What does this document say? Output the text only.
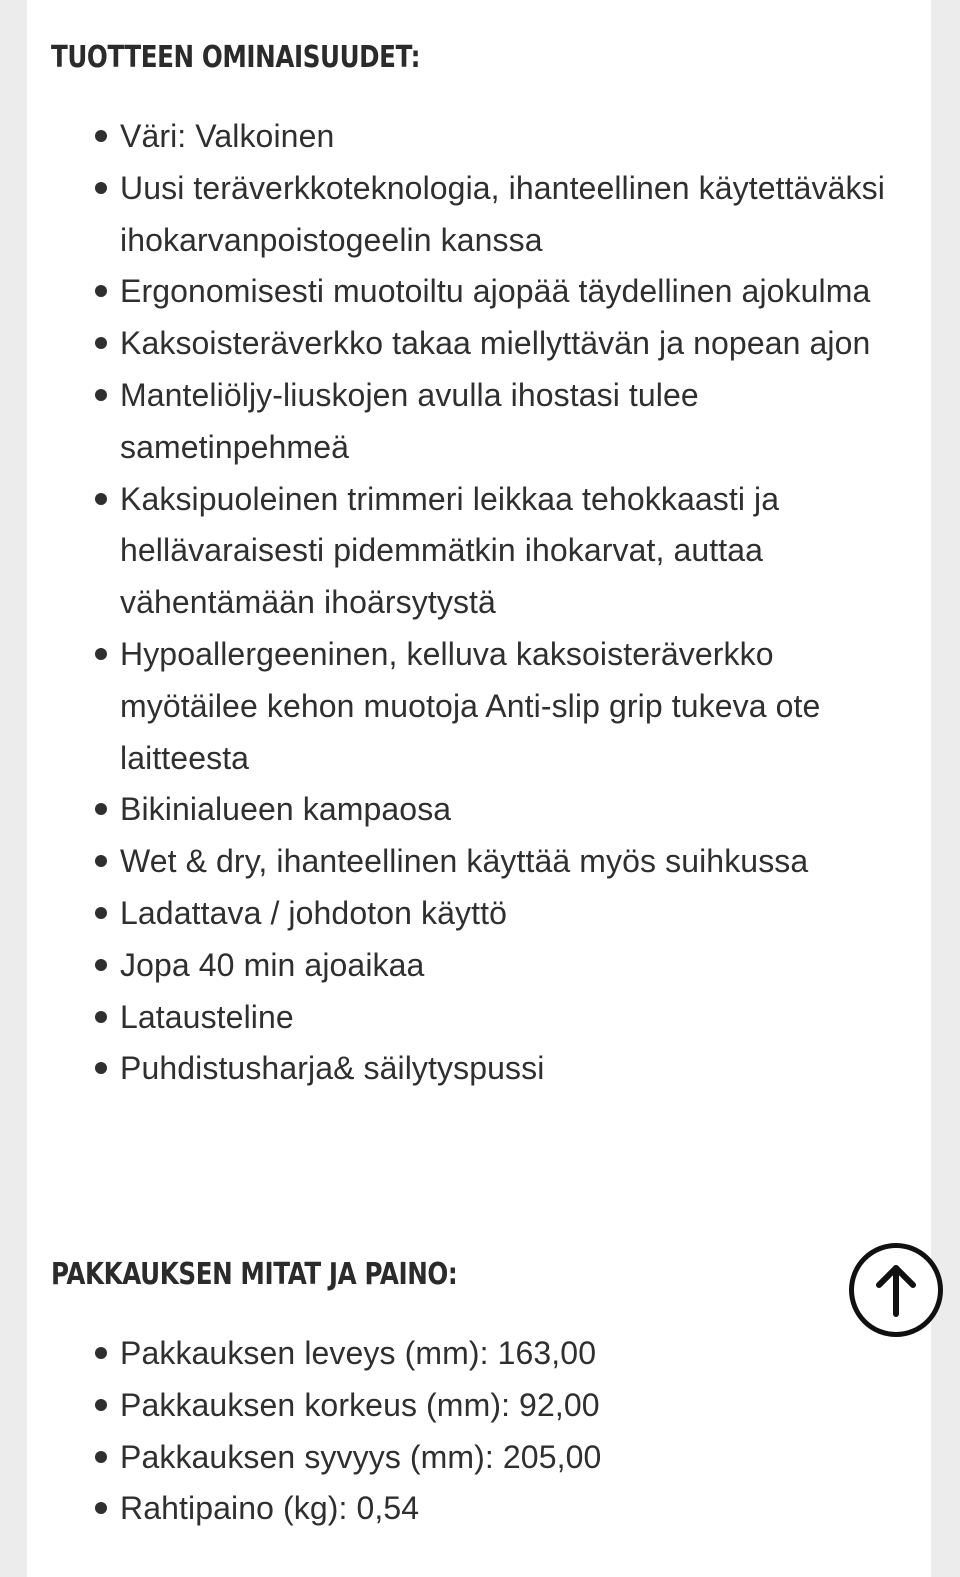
TUOTTEEN OMINAISUUDET:
Väri: Valkoinen
Uusi teräverkkoteknologia, ihanteellinen käytettäväksi ihokarvanpoistogeelin kanssa
Ergonomisesti muotoiltu ajopää täydellinen ajokulma
Kaksoisteräverkko takaa miellyttävän ja nopean ajon
Manteliöljy-liuskojen avulla ihostasi tulee sametinpehmeä
Kaksipuoleinen trimmeri leikkaa tehokkaasti ja hellävaraisesti pidemmätkin ihokarvat, auttaa vähentämään ihoärsytystä
Hypoallergeeninen, kelluva kaksoisteräverkko myötäilee kehon muotoja Anti-slip grip tukeva ote laitteesta
Bikinialueen kampaosa
Wet & dry, ihanteellinen käyttää myös suihkussa
Ladattava / johdoton käyttö
Jopa 40 min ajoaikaa
Latausteline
Puhdistusharja& säilytyspussi
PAKKAUKSEN MITAT JA PAINO:
Pakkauksen leveys (mm): 163,00
Pakkauksen korkeus (mm): 92,00
Pakkauksen syvyys (mm): 205,00
Rahtipaino (kg): 0,54
